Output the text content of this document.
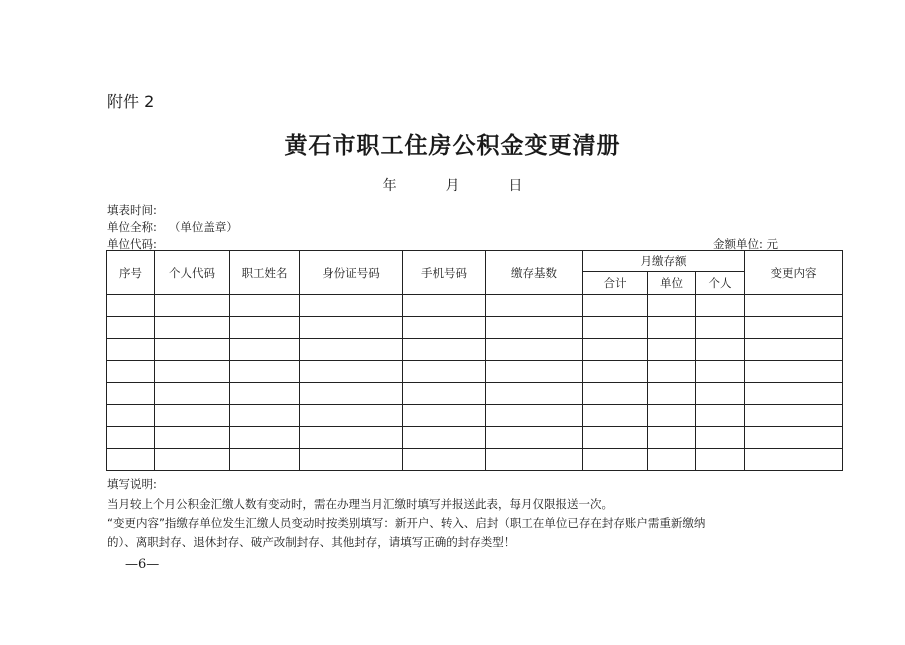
附件 2
黄石市职工住房公积金变更清册
年	月	日
填表时间:
单位全称: （单位盖章）
单位代码:	金额单位: 元
序号	个人代码	职工姓名	身份证号码	手机号码	缴存基数	月缴存额			变更内容
						合计	单位	个人	

填写说明:
当月较上个月公积金汇缴人数有变动时，需在办理当月汇缴时填写并报送此表，每月仅限报送一次。
“变更内容”指缴存单位发生汇缴人员变动时按类别填写：新开户、转入、启封（职工在单位已存在封存账户需重新缴纳
的）、离职封存、退休封存、破产改制封存、其他封存，请填写正确的封存类型！
—6—
